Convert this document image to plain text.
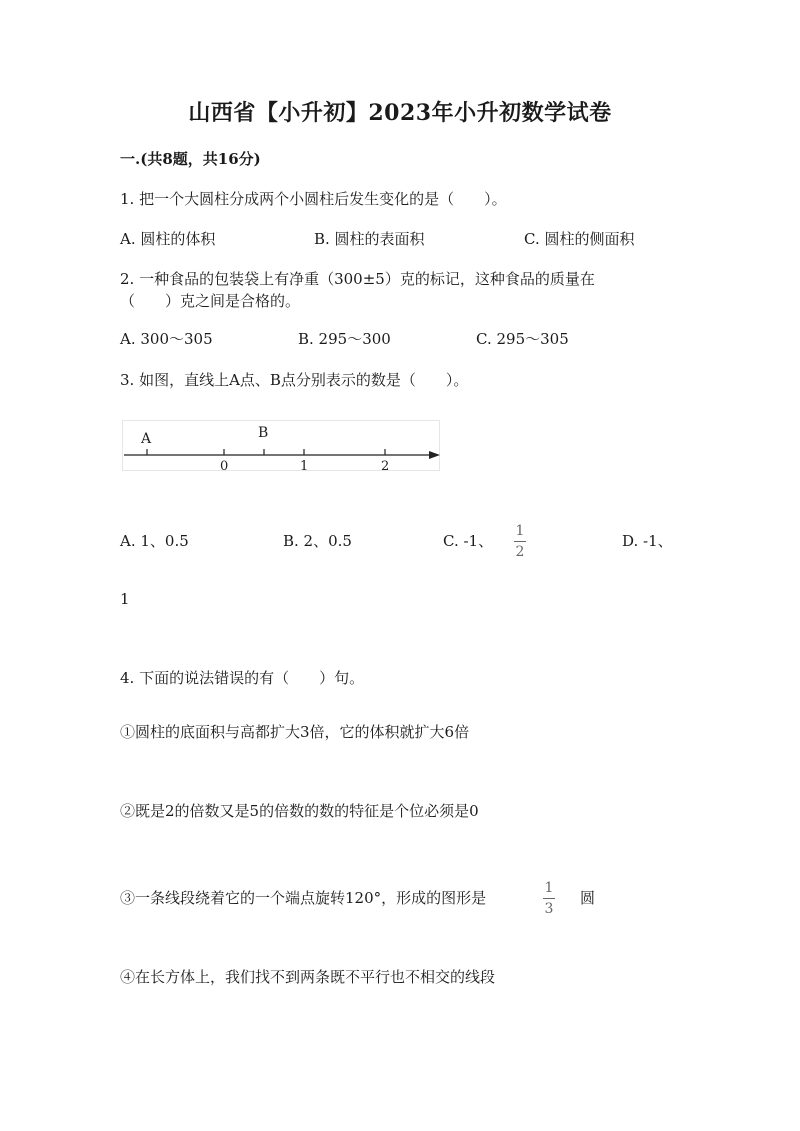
山西省【小升初】2023年小升初数学试卷
一.(共8题，共16分)
1. 把一个大圆柱分成两个小圆柱后发生变化的是（　　）。
A. 圆柱的体积	B. 圆柱的表面积	C. 圆柱的侧面积
2. 一种食品的包装袋上有净重（300±5）克的标记，这种食品的质量在
（　　）克之间是合格的。
A. 300～305	B. 295～300	C. 295～305
3. 如图，直线上A点、B点分别表示的数是（　　）。
A	B
0	1	2
A. 1、0.5	B. 2、0.5	C. -1、
1
2
D. -1、
1
4. 下面的说法错误的有（　　）句。
①圆柱的底面积与高都扩大3倍，它的体积就扩大6倍
②既是2的倍数又是5的倍数的数的特征是个位必须是0
③一条线段绕着它的一个端点旋转120°，形成的图形是
1
3
圆
④在长方体上，我们找不到两条既不平行也不相交的线段
